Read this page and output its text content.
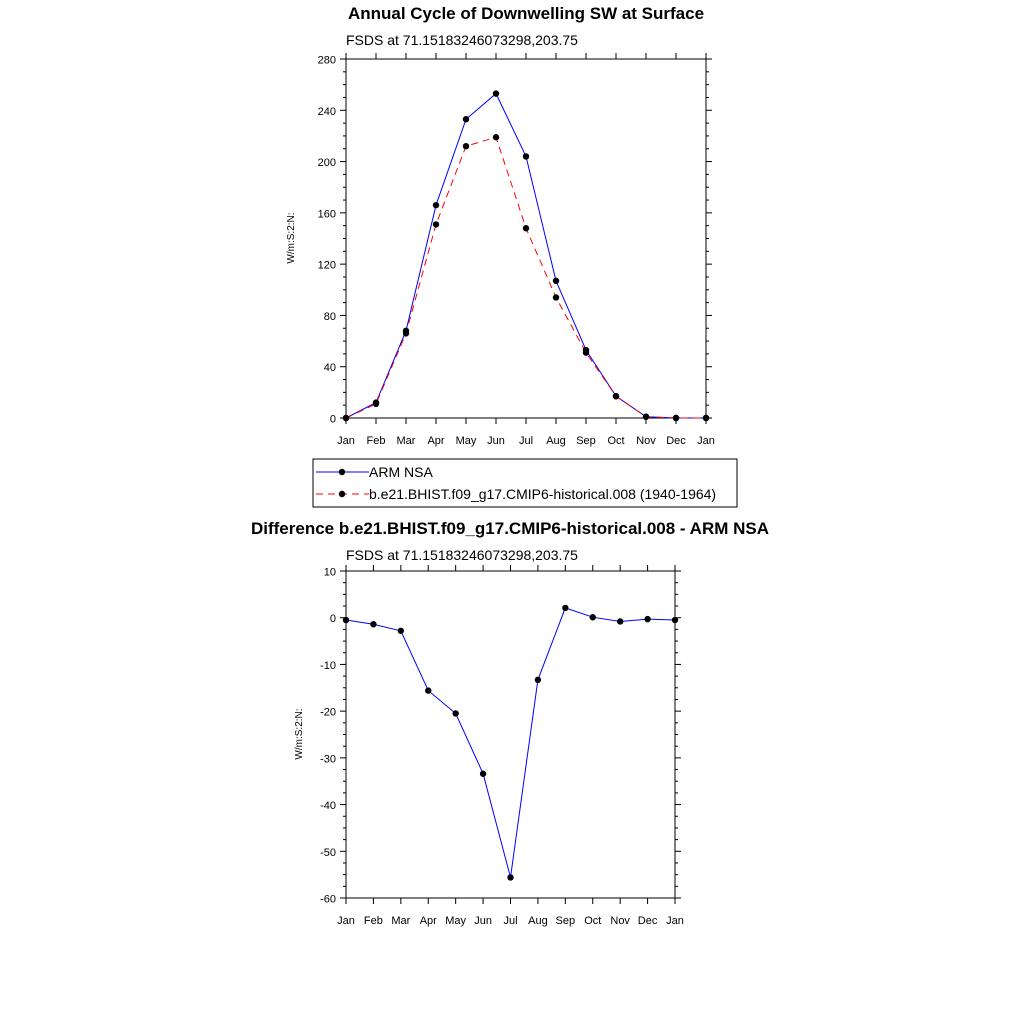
Annual Cycle of Downwelling SW at Surface
FSDS at 71.15183246073298,203.75
W/m:S:2:N:
0
40
80
120
160
200
240
280
Jan Feb Mar Apr May Jun Jul Aug Sep Oct Nov Dec Jan
ARM NSA
b.e21.BHIST.f09_g17.CMIP6-historical.008 (1940-1964)
Difference b.e21.BHIST.f09_g17.CMIP6-historical.008 - ARM NSA
FSDS at 71.15183246073298,203.75
W/m:S:2:N:
-60
-50
-40
-30
-20
-10
0
10
Jan Feb Mar Apr May Jun Jul Aug Sep Oct Nov Dec Jan
